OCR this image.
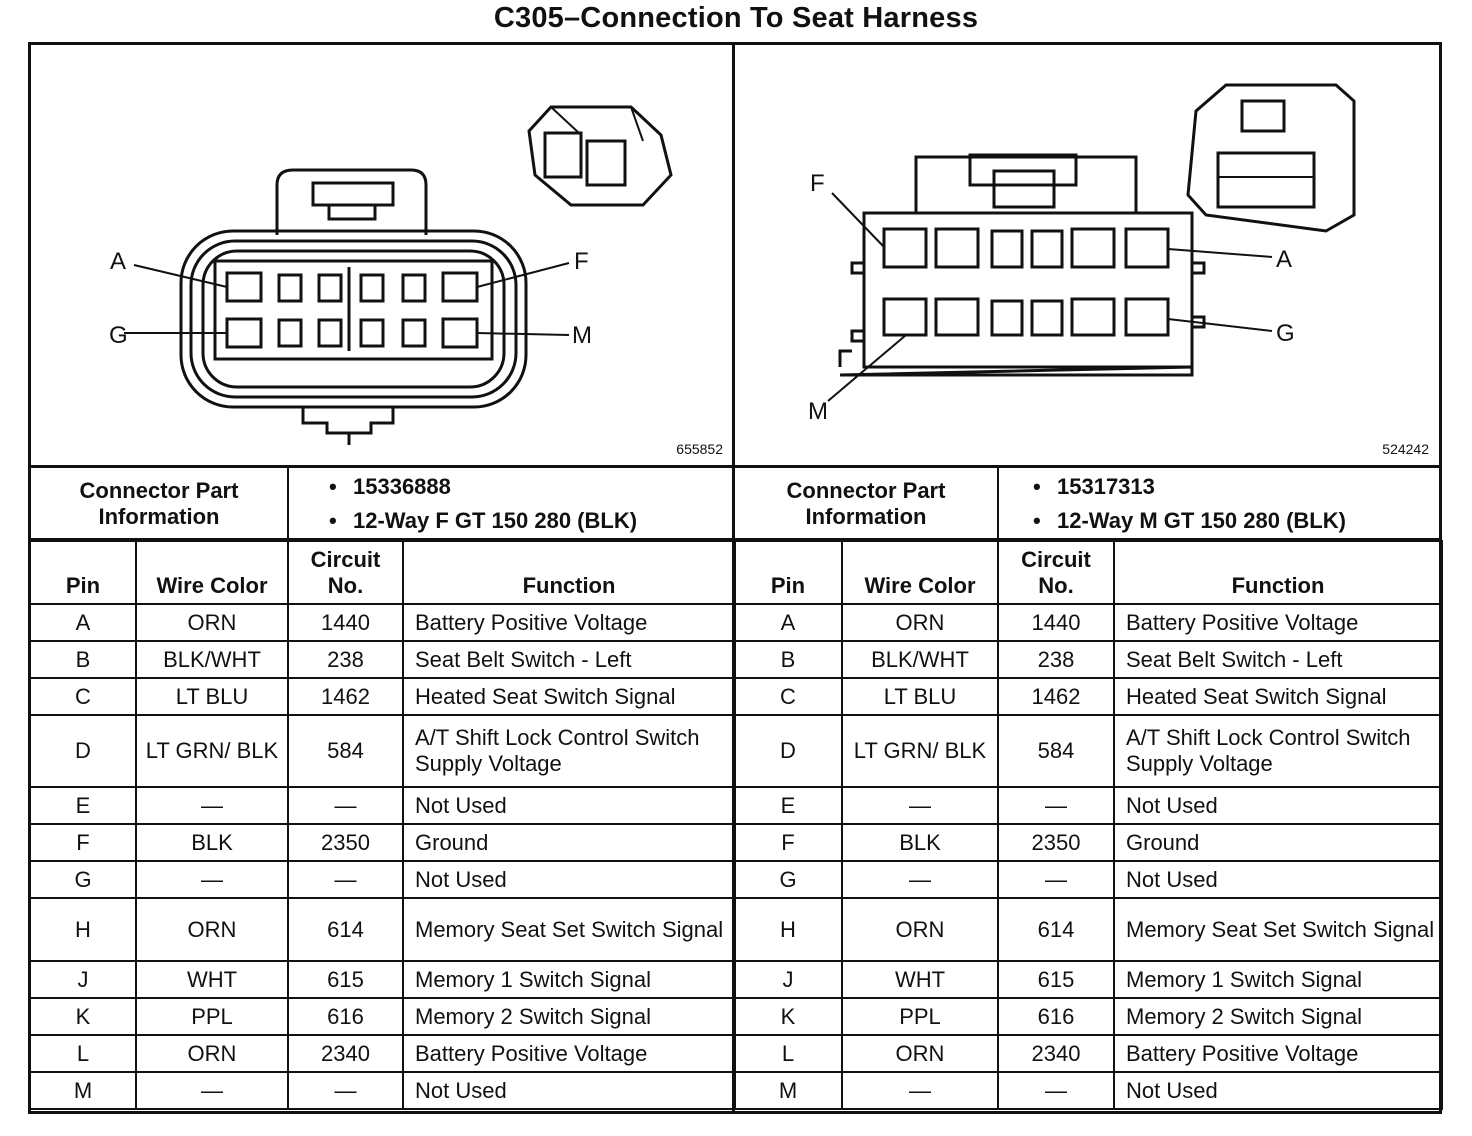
C305–Connection To Seat Harness
A	F
G	M
655852
F
A
G
M
524242
Connector Part Information
• 15336888
• 12-Way F GT 150 280 (BLK)
Connector Part Information
• 15317313
• 12-Way M GT 150 280 (BLK)
Pin	Wire Color	Circuit No.	Function
A	ORN	1440	Battery Positive Voltage
B	BLK/WHT	238	Seat Belt Switch - Left
C	LT BLU	1462	Heated Seat Switch Signal
D	LT GRN/ BLK	584	A/T Shift Lock Control Switch Supply Voltage
E	—	—	Not Used
F	BLK	2350	Ground
G	—	—	Not Used
H	ORN	614	Memory Seat Set Switch Signal
J	WHT	615	Memory 1 Switch Signal
K	PPL	616	Memory 2 Switch Signal
L	ORN	2340	Battery Positive Voltage
M	—	—	Not Used
Pin	Wire Color	Circuit No.	Function
A	ORN	1440	Battery Positive Voltage
B	BLK/WHT	238	Seat Belt Switch - Left
C	LT BLU	1462	Heated Seat Switch Signal
D	LT GRN/ BLK	584	A/T Shift Lock Control Switch Supply Voltage
E	—	—	Not Used
F	BLK	2350	Ground
G	—	—	Not Used
H	ORN	614	Memory Seat Set Switch Signal
J	WHT	615	Memory 1 Switch Signal
K	PPL	616	Memory 2 Switch Signal
L	ORN	2340	Battery Positive Voltage
M	—	—	Not Used
